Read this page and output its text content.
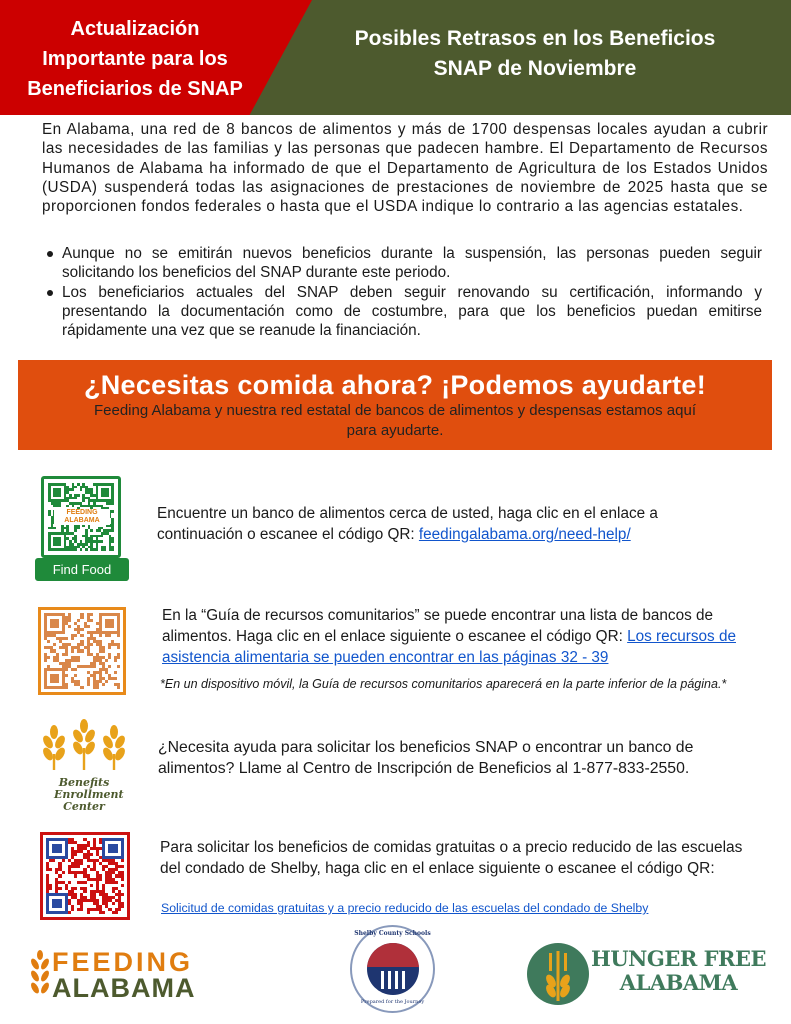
Actualización
Importante para los
Beneficiarios de SNAP
Posibles Retrasos en los Beneficios
SNAP de Noviembre

En Alabama, una red de 8 bancos de alimentos y más de 1700 despensas locales ayudan a cubrir las necesidades de las familias y las personas que padecen hambre. El Departamento de Recursos Humanos de Alabama ha informado de que el Departamento de Agricultura de los Estados Unidos (USDA) suspenderá todas las asignaciones de prestaciones de noviembre de 2025 hasta que se proporcionen fondos federales o hasta que el USDA indique lo contrario a las agencias estatales.

Aunque no se emitirán nuevos beneficios durante la suspensión, las personas pueden seguir solicitando los beneficios del SNAP durante este periodo.
Los beneficiarios actuales del SNAP deben seguir renovando su certificación, informando y presentando la documentación como de costumbre, para que los beneficios puedan emitirse rápidamente una vez que se reanude la financiación.
¿Necesitas comida ahora? ¡Podemos ayudarte!

Feeding Alabama y nuestra red estatal de bancos de alimentos y despensas estamos aquí para ayudarte.

FEEDING ALABAMA
Find Food
Encuentre un banco de alimentos cerca de usted, haga clic en el enlace a continuación o escanee el código QR: feedingalabama.org/need-help/
En la “Guía de recursos comunitarios” se puede encontrar una lista de bancos de alimentos. Haga clic en el enlace siguiente o escanee el código QR: Los recursos de asistencia alimentaria se pueden encontrar en las páginas 32 - 39
*En un dispositivo móvil, la Guía de recursos comunitarios aparecerá en la parte inferior de la página.*
Benefits Enrollment Center
¿Necesita ayuda para solicitar los beneficios SNAP o encontrar un banco de alimentos? Llame al Centro de Inscripción de Beneficios al 1-877-833-2550.
Para solicitar los beneficios de comidas gratuitas o a precio reducido de las escuelas del condado de Shelby, haga clic en el enlace siguiente o escanee el código QR:
Solicitud de comidas gratuitas y a precio reducido de las escuelas del condado de Shelby
FEEDING
ALABAMA
Shelby County Schools
Prepared for the Journey
HUNGER FREE
ALABAMA
